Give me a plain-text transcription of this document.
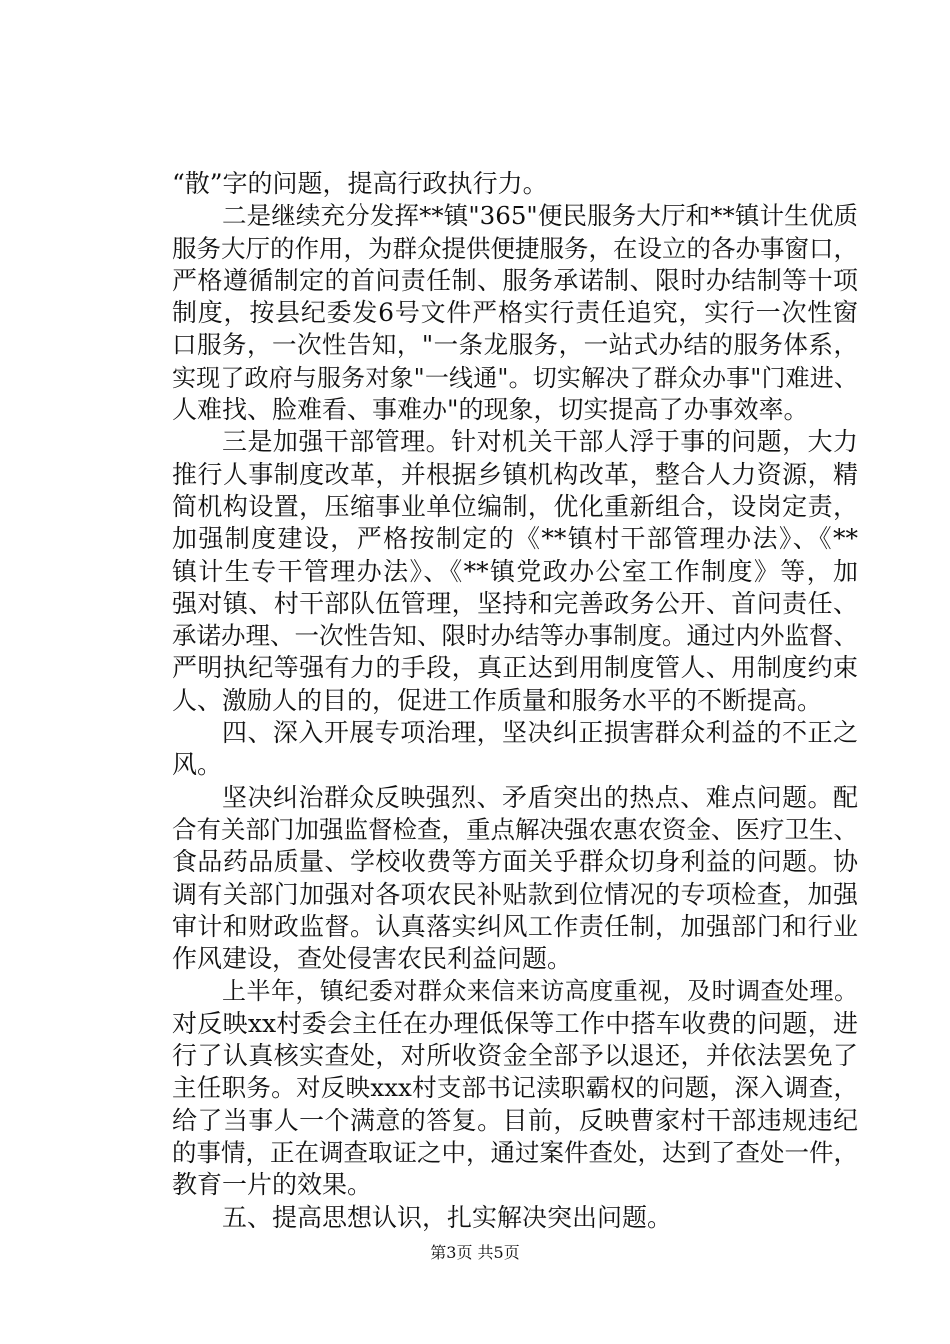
“散”字的问题，提高行政执行力。
二是继续充分发挥**镇"365"便民服务大厅和**镇计生优质
服务大厅的作用，为群众提供便捷服务，在设立的各办事窗口，
严格遵循制定的首问责任制、服务承诺制、限时办结制等十项
制度，按县纪委发6号文件严格实行责任追究，实行一次性窗
口服务，一次性告知，"一条龙服务，一站式办结的服务体系，
实现了政府与服务对象"一线通"。切实解决了群众办事"门难进、
人难找、脸难看、事难办"的现象，切实提高了办事效率。
三是加强干部管理。针对机关干部人浮于事的问题，大力
推行人事制度改革，并根据乡镇机构改革，整合人力资源，精
简机构设置，压缩事业单位编制，优化重新组合，设岗定责，
加强制度建设，严格按制定的《**镇村干部管理办法》、《**
镇计生专干管理办法》、《**镇党政办公室工作制度》等，加
强对镇、村干部队伍管理，坚持和完善政务公开、首问责任、
承诺办理、一次性告知、限时办结等办事制度。通过内外监督、
严明执纪等强有力的手段，真正达到用制度管人、用制度约束
人、激励人的目的，促进工作质量和服务水平的不断提高。
四、深入开展专项治理，坚决纠正损害群众利益的不正之
风。
坚决纠治群众反映强烈、矛盾突出的热点、难点问题。配
合有关部门加强监督检查，重点解决强农惠农资金、医疗卫生、
食品药品质量、学校收费等方面关乎群众切身利益的问题。协
调有关部门加强对各项农民补贴款到位情况的专项检查，加强
审计和财政监督。认真落实纠风工作责任制，加强部门和行业
作风建设，查处侵害农民利益问题。
上半年，镇纪委对群众来信来访高度重视，及时调查处理。
对反映xx村委会主任在办理低保等工作中搭车收费的问题，进
行了认真核实查处，对所收资金全部予以退还，并依法罢免了
主任职务。对反映xxx村支部书记渎职霸权的问题，深入调查，
给了当事人一个满意的答复。目前，反映曹家村干部违规违纪
的事情，正在调查取证之中，通过案件查处，达到了查处一件，
教育一片的效果。
五、提高思想认识，扎实解决突出问题。
第3页 共5页
